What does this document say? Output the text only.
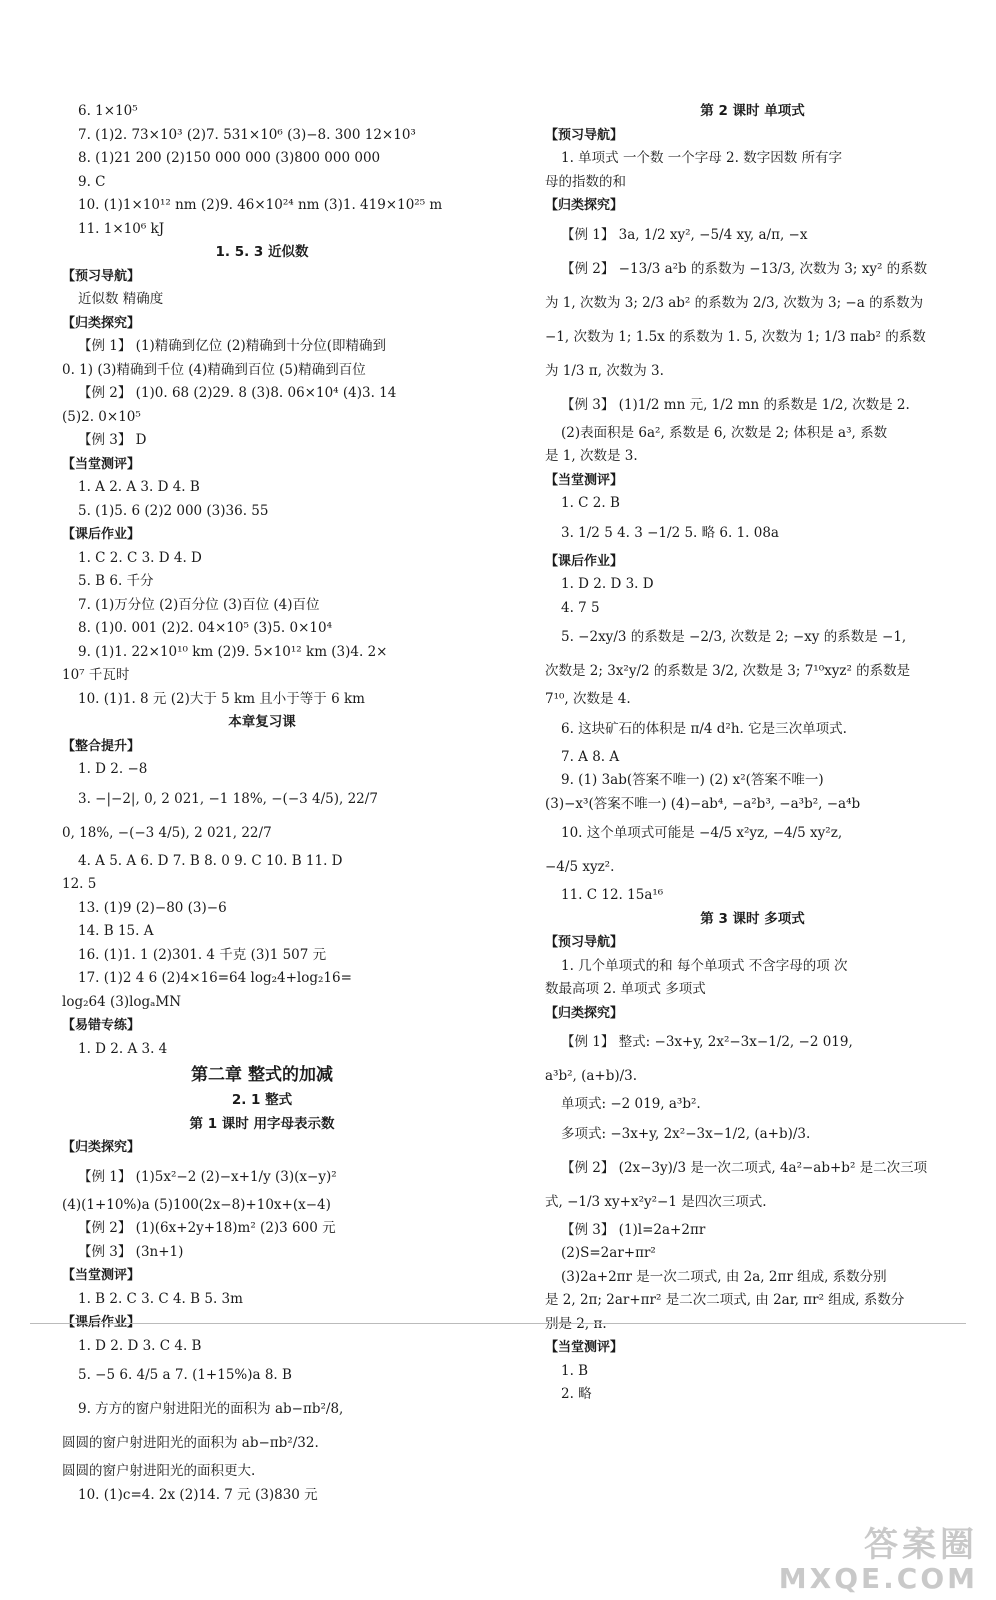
6. 1×10⁵
7. (1)2. 73×10³ (2)7. 531×10⁶ (3)−8. 300 12×10³
8. (1)21 200 (2)150 000 000 (3)800 000 000
9. C
10. (1)1×10¹² nm (2)9. 46×10²⁴ nm (3)1. 419×10²⁵ m
11. 1×10⁶ kJ
1. 5. 3 近似数
【预习导航】
近似数 精确度
【归类探究】
【例 1】 (1)精确到亿位 (2)精确到十分位(即精确到
0. 1) (3)精确到千位 (4)精确到百位 (5)精确到百位
【例 2】 (1)0. 68 (2)29. 8 (3)8. 06×10⁴ (4)3. 14
(5)2. 0×10⁵
【例 3】 D
【当堂测评】
1. A 2. A 3. D 4. B
5. (1)5. 6 (2)2 000 (3)36. 55
【课后作业】
1. C 2. C 3. D 4. D
5. B 6. 千分
7. (1)万分位 (2)百分位 (3)百位 (4)百位
8. (1)0. 001 (2)2. 04×10⁵ (3)5. 0×10⁴
9. (1)1. 22×10¹⁰ km (2)9. 5×10¹² km (3)4. 2×
10⁷ 千瓦时
10. (1)1. 8 元 (2)大于 5 km 且小于等于 6 km
本章复习课
【整合提升】
1. D 2. −8
3. −|−2|, 0, 2 021, −1 18%, −(−3 4/5), 22/7
0, 18%, −(−3 4/5), 2 021, 22/7
4. A 5. A 6. D 7. B 8. 0 9. C 10. B 11. D
12. 5
13. (1)9 (2)−80 (3)−6
14. B 15. A
16. (1)1. 1 (2)301. 4 千克 (3)1 507 元
17. (1)2 4 6 (2)4×16=64 log₂4+log₂16=
log₂64 (3)logₐMN
【易错专练】
1. D 2. A 3. 4
第二章 整式的加减
2. 1 整式
第 1 课时 用字母表示数
【归类探究】
【例 1】 (1)5x²−2 (2)−x+1/y (3)(x−y)²
(4)(1+10%)a (5)100(2x−8)+10x+(x−4)
【例 2】 (1)(6x+2y+18)m² (2)3 600 元
【例 3】 (3n+1)
【当堂测评】
1. B 2. C 3. C 4. B 5. 3m
【课后作业】
1. D 2. D 3. C 4. B
5. −5 6. 4/5 a 7. (1+15%)a 8. B
9. 方方的窗户射进阳光的面积为 ab−πb²/8,
圆圆的窗户射进阳光的面积为 ab−πb²/32.
圆圆的窗户射进阳光的面积更大.
10. (1)c=4. 2x (2)14. 7 元 (3)830 元
第 2 课时 单项式
【预习导航】
1. 单项式 一个数 一个字母 2. 数字因数 所有字
母的指数的和
【归类探究】
【例 1】 3a, 1/2 xy², −5/4 xy, a/π, −x
【例 2】 −13/3 a²b 的系数为 −13/3, 次数为 3; xy² 的系数
为 1, 次数为 3; 2/3 ab² 的系数为 2/3, 次数为 3; −a 的系数为
−1, 次数为 1; 1.5x 的系数为 1. 5, 次数为 1; 1/3 πab² 的系数
为 1/3 π, 次数为 3.
【例 3】 (1)1/2 mn 元, 1/2 mn 的系数是 1/2, 次数是 2.
(2)表面积是 6a², 系数是 6, 次数是 2; 体积是 a³, 系数
是 1, 次数是 3.
【当堂测评】
1. C 2. B
3. 1/2 5 4. 3 −1/2 5. 略 6. 1. 08a
【课后作业】
1. D 2. D 3. D
4. 7 5
5. −2xy/3 的系数是 −2/3, 次数是 2; −xy 的系数是 −1,
次数是 2; 3x²y/2 的系数是 3/2, 次数是 3; 7¹⁰xyz² 的系数是
7¹⁰, 次数是 4.
6. 这块矿石的体积是 π/4 d²h. 它是三次单项式.
7. A 8. A
9. (1) 3ab(答案不唯一) (2) x²(答案不唯一)
(3)−x³(答案不唯一) (4)−ab⁴, −a²b³, −a³b², −a⁴b
10. 这个单项式可能是 −4/5 x²yz, −4/5 xy²z,
−4/5 xyz².
11. C 12. 15a¹⁶
第 3 课时 多项式
【预习导航】
1. 几个单项式的和 每个单项式 不含字母的项 次
数最高项 2. 单项式 多项式
【归类探究】
【例 1】 整式: −3x+y, 2x²−3x−1/2, −2 019,
a³b², (a+b)/3.
单项式: −2 019, a³b².
多项式: −3x+y, 2x²−3x−1/2, (a+b)/3.
【例 2】 (2x−3y)/3 是一次二项式, 4a²−ab+b² 是二次三项
式, −1/3 xy+x²y²−1 是四次三项式.
【例 3】 (1)l=2a+2πr
(2)S=2ar+πr²
(3)2a+2πr 是一次二项式, 由 2a, 2πr 组成, 系数分别
是 2, 2π; 2ar+πr² 是二次二项式, 由 2ar, πr² 组成, 系数分
别是 2, π.
【当堂测评】
1. B
2. 略
答案圈
MXQE.COM
